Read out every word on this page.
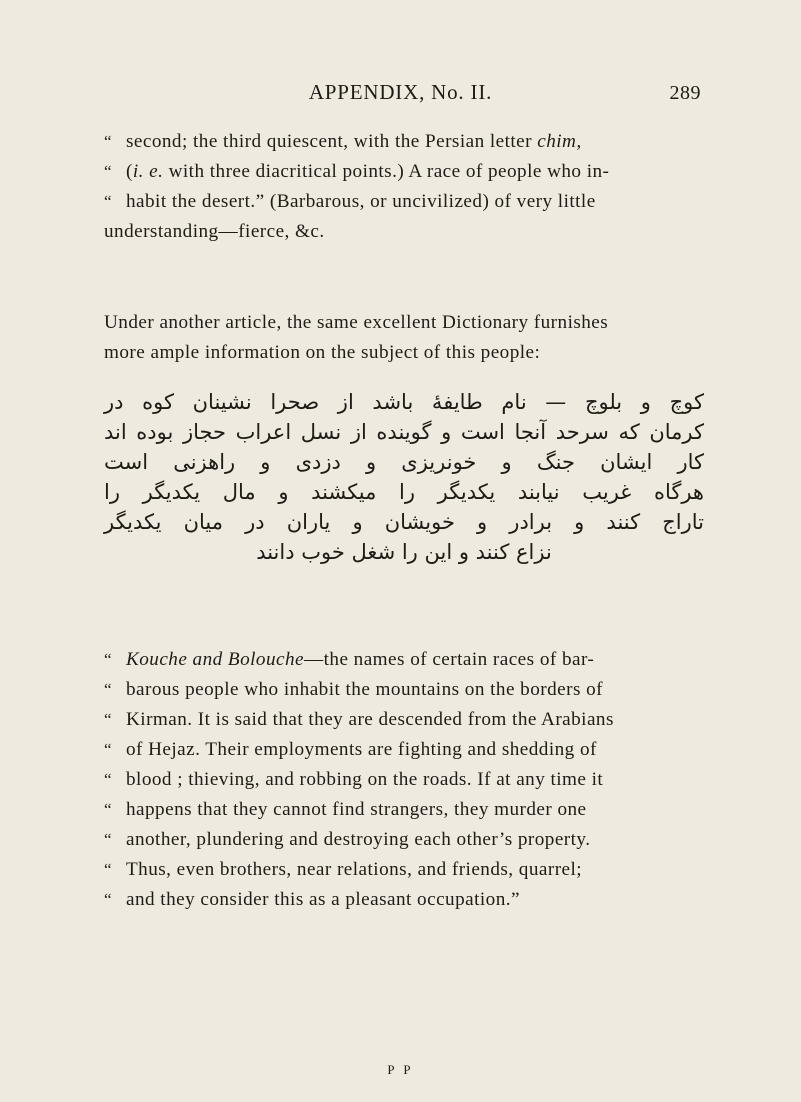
APPENDIX, No. II.	289
“ second; the third quiescent, with the Persian letter chim,
“ (i. e. with three diacritical points.) A race of people who in-
“ habit the desert.” (Barbarous, or uncivilized) of very little
understanding—fierce, &c.
Under another article, the same excellent Dictionary furnishes
more ample information on the subject of this people:
کوچ و بلوچ — نام طایفهٔ باشد از صحرا نشینان کوه در
کرمان که سرحد آنجا است و گوینده از نسل اعراب حجاز بوده اند
کار ایشان جنگ و خونریزی و دزدی و راهزنی است
هرگاه غریب نیابند یکدیگر را میکشند و مال یکدیگر را
تاراج کنند و برادر و خویشان و یاران در میان یکدیگر
نزاع کنند و این را شغل خوب دانند
“ Kouche and Bolouche—the names of certain races of bar-
“ barous people who inhabit the mountains on the borders of
“ Kirman. It is said that they are descended from the Arabians
“ of Hejaz. Their employments are fighting and shedding of
“ blood ; thieving, and robbing on the roads. If at any time it
“ happens that they cannot find strangers, they murder one
“ another, plundering and destroying each other’s property.
“ Thus, even brothers, near relations, and friends, quarrel;
“ and they consider this as a pleasant occupation.”
P P
